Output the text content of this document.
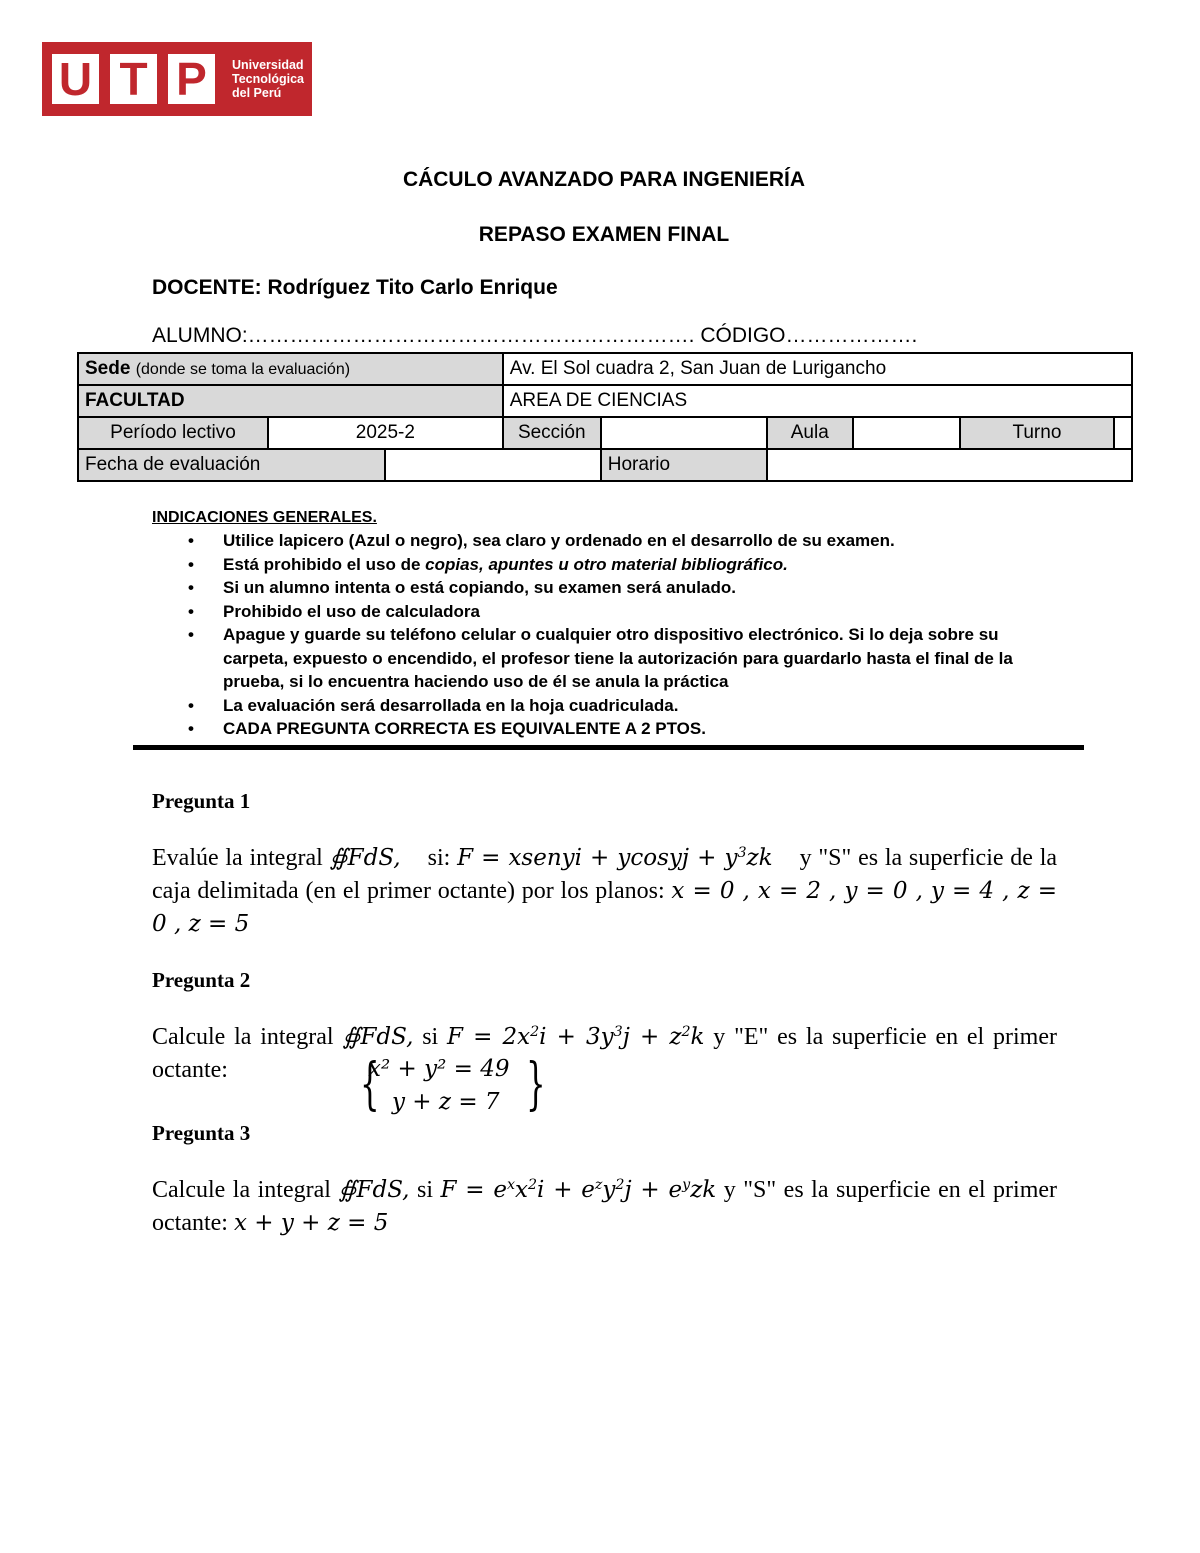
U T P	Universidad
Tecnológica
del Perú
CÁCULO AVANZADO PARA INGENIERÍA
REPASO EXAMEN FINAL
DOCENTE: Rodríguez Tito Carlo Enrique
ALUMNO:………………………………………………………. CÓDIGO……………….
Sede (donde se toma la evaluación)			Av. El Sol cuadra 2, San Juan de Lurigancho					
FACULTAD			AREA DE CIENCIAS					
Período lectivo	2025-2		Sección		Aula		Turno	
Fecha de evaluación				Horario				
INDICACIONES GENERALES.
• Utilice lapicero (Azul o negro), sea claro y ordenado en el desarrollo de su examen.
• Está prohibido el uso de copias, apuntes u otro material bibliográfico.
• Si un alumno intenta o está copiando, su examen será anulado.
• Prohibido el uso de calculadora
• Apague y guarde su teléfono celular o cualquier otro dispositivo electrónico. Si lo deja sobre su carpeta, expuesto o encendido, el profesor tiene la autorización para guardarlo hasta el final de la prueba, si lo encuentra haciendo uso de él se anula la práctica
• La evaluación será desarrollada en la hoja cuadriculada.
• CADA PREGUNTA CORRECTA ES EQUIVALENTE A 2 PTOS.
Pregunta 1
Evalúe la integral ∯FdS, si: F = xsenyi + ycosyj + $y^3zk$    y "S" es la superficie de la caja delimitada (en el primer octante) por los planos: x = 0 , x = 2 , y = 0 , y = 4 , z = 0 , z = 5
Pregunta 2
Calcule la integral ∯FdS, si $F = 2x^2i + 3y^3j + z^2k$ y "E" es la superficie en el primer octante:	{
x² + y² = 49
y + z = 7 }
Pregunta 3
Calcule la integral ∯FdS, si $F = e^xx^2i + e^zy^2j + e^yzk$ y "S" es la superficie en el primer octante: x + y + z = 5
